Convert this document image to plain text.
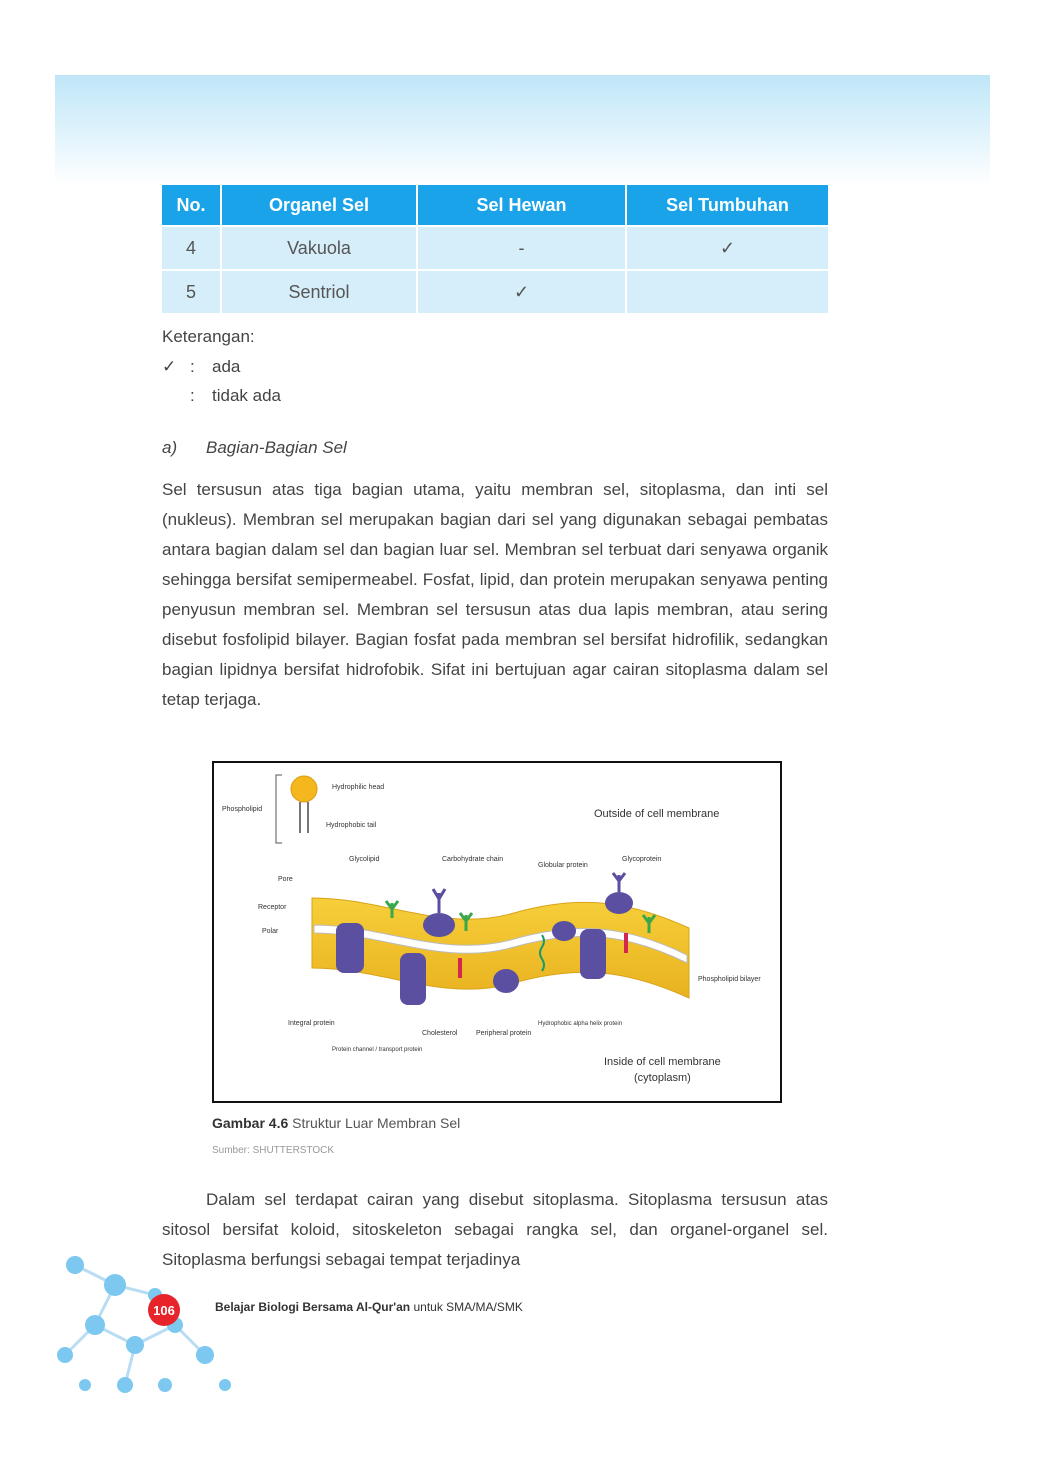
No.	Organel Sel	Sel Hewan	Sel Tumbuhan
4	Vakuola	-	✓
5	Sentriol	✓	-
Keterangan:
✓ : ada
: tidak ada
a) Bagian-Bagian Sel
Sel tersusun atas tiga bagian utama, yaitu membran sel, sitoplasma, dan inti sel (nukleus). Membran sel merupakan bagian dari sel yang digunakan sebagai pembatas antara bagian dalam sel dan bagian luar sel. Membran sel terbuat dari senyawa organik sehingga bersifat semipermeabel. Fosfat, lipid, dan protein merupakan senyawa penting penyusun membran sel. Membran sel tersusun atas dua lapis membran, atau sering disebut fosfolipid bilayer. Bagian fosfat pada membran sel bersifat hidrofilik, sedangkan bagian lipidnya bersifat hidrofobik. Sifat ini bertujuan agar cairan sitoplasma dalam sel tetap terjaga.
Phospholipid
Hydrophilic head
Hydrophobic tail
Outside of cell membrane
Glycolipid	Carbohydrate chain
Globular protein
Glycoprotein
Pore
Receptor
Polar
Phospholipid bilayer
Integral protein
Protein channel / transport protein
Cholesterol	Peripheral protein
Hydrophobic alpha helix protein
Inside of cell membrane
(cytoplasm)
Gambar 4.6 Struktur Luar Membran Sel
Sumber: SHUTTERSTOCK
Dalam sel terdapat cairan yang disebut sitoplasma. Sitoplasma tersusun atas sitosol bersifat koloid, sitoskeleton sebagai rangka sel, dan organel-organel sel. Sitoplasma berfungsi sebagai tempat terjadinya
106	Belajar Biologi Bersama Al-Qur'an untuk SMA/MA/SMK
